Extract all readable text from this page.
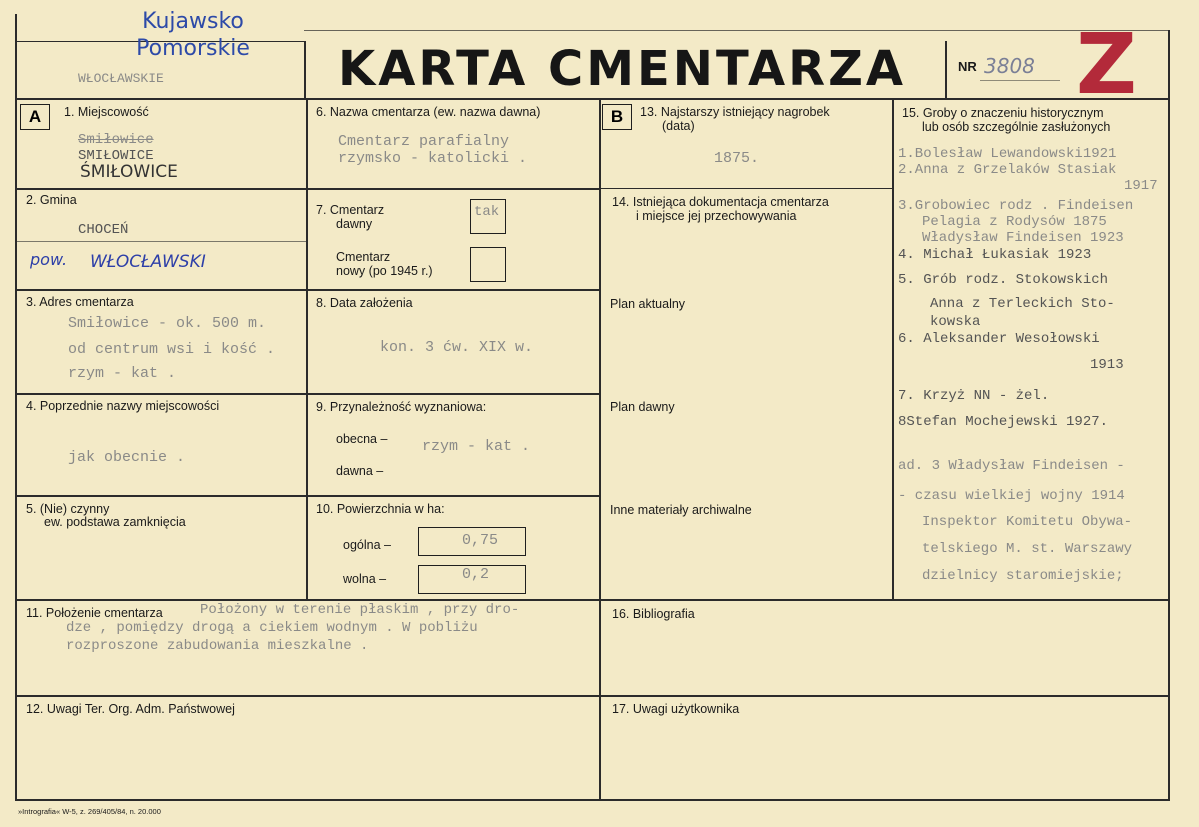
Kujawsko
Pomorskie
WŁOCŁAWSKIE	KARTA CMENTARZA	NR 3808 Z
A	1. Miejscowość
Smiłowice
SMIŁOWICE
ŚMIŁOWICE
2. Gmina
CHOCEŃ
pow. WŁOCŁAWSKI
3. Adres cmentarza
Smiłowice - ok. 500 m.
od centrum wsi i kość .
rzym - kat .
4. Poprzednie nazwy miejscowości
jak obecnie .
5. (Nie) czynny
ew. podstawa zamknięcia
6. Nazwa cmentarza (ew. nazwa dawna)
Cmentarz parafialny
rzymsko - katolicki .
7. Cmentarz
dawny
tak
Cmentarz
nowy (po 1945 r.)
8. Data założenia
kon. 3 ćw. XIX w.
9. Przynależność wyznaniowa:
obecna – rzym - kat .
dawna –
10. Powierzchnia w ha:
ogólna –	0,75
wolna –	0,2
B	13. Najstarszy istniejący nagrobek
(data)
1875.
14. Istniejąca dokumentacja cmentarza
i miejsce jej przechowywania
Plan aktualny
Plan dawny
Inne materiały archiwalne
15. Groby o znaczeniu historycznym
lub osób szczególnie zasłużonych
1.Bolesław Lewandowski1921
2.Anna z Grzelaków Stasiak
1917
3.Grobowiec rodz . Findeisen
Pelagia z Rodysów 1875
Władysław Findeisen 1923
4. Michał Łukasiak 1923
5. Grób rodz. Stokowskich
Anna z Terleckich Sto-
kowska
6. Aleksander Wesołowski
1913
7. Krzyż NN - żel.
8Stefan Mochejewski 1927.
ad. 3 Władysław Findeisen -
- czasu wielkiej wojny 1914
Inspektor Komitetu Obywa-
telskiego M. st. Warszawy
dzielnicy staromiejskie;
11. Położenie cmentarza	Położony w terenie płaskim , przy dro-
dze , pomiędzy drogą a ciekiem wodnym . W pobliżu
rozproszone zabudowania mieszkalne .
16. Bibliografia
12. Uwagi Ter. Org. Adm. Państwowej	17. Uwagi użytkownika
»Intrografia« W-5, z. 269/405/84, n. 20.000
